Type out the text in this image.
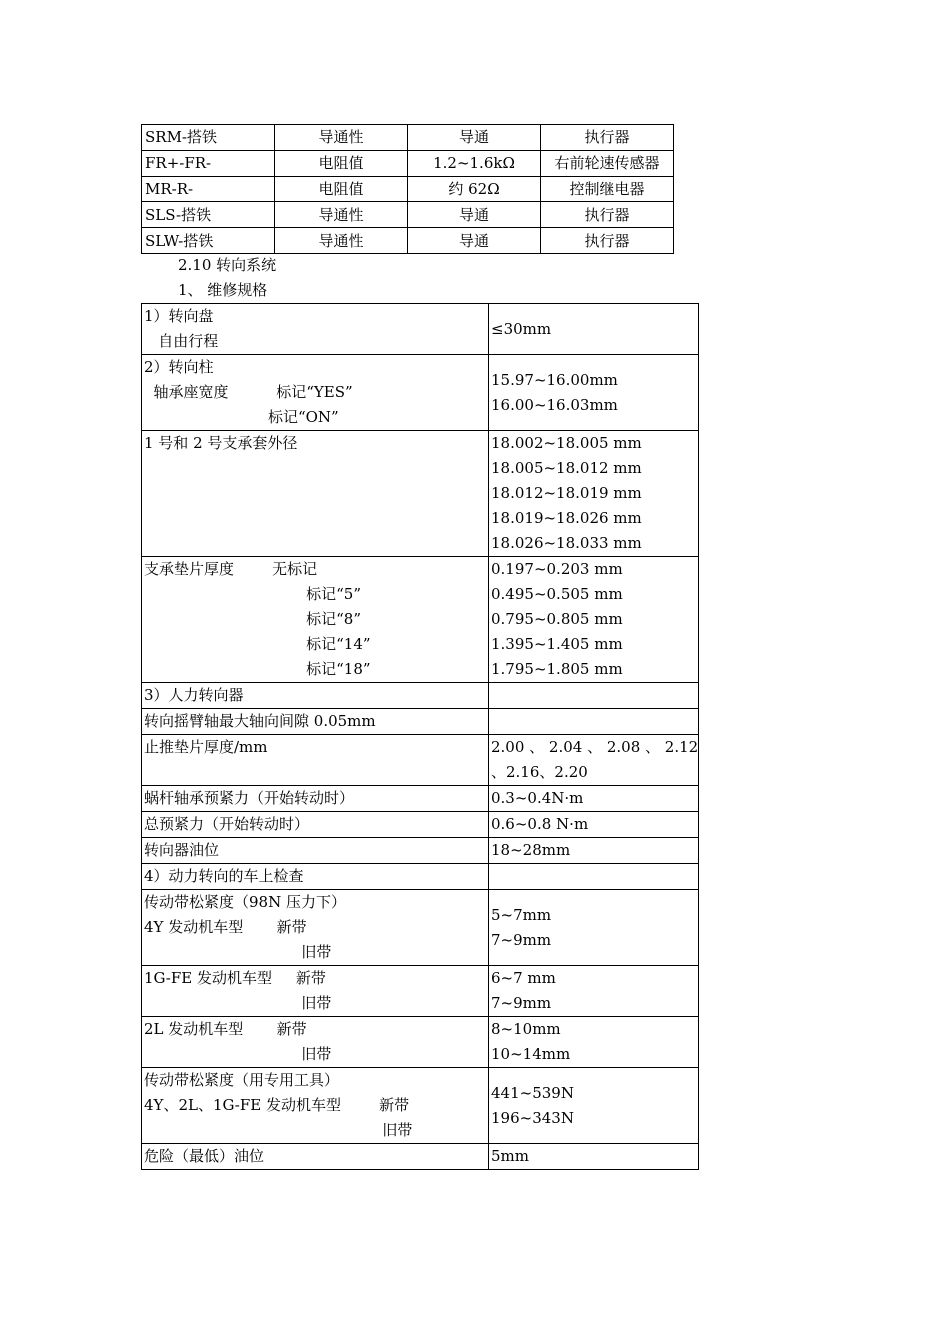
SRM-搭铁	导通性	导通	执行器
FR+-FR-	电阻值	1.2~1.6kΩ	右前轮速传感器
MR-R-	电阻值	约 62Ω	控制继电器
SLS-搭铁	导通性	导通	执行器
SLW-搭铁	导通性	导通	执行器
2.10 转向系统
1、 维修规格
1）转向盘
自由行程	≤30mm

2）转向柱
轴承座宽度          标记“YES”
标记“ON”	15.97~16.00mm
16.00~16.03mm

1 号和 2 号支承套外径	18.002~18.005 mm
18.005~18.012 mm
18.012~18.019 mm
18.019~18.026 mm
18.026~18.033 mm

支承垫片厚度        无标记
标记“5”
标记“8”
标记“14”
标记“18”	0.197~0.203 mm
0.495~0.505 mm
0.795~0.805 mm
1.395~1.405 mm
1.795~1.805 mm

3）人力转向器	

转向摇臂轴最大轴向间隙 0.05mm	

止推垫片厚度/mm	2.00 、 2.04 、 2.08 、 2.12
、2.16、2.20

蜗杆轴承预紧力（开始转动时）	0.3~0.4N·m

总预紧力（开始转动时）	0.6~0.8 N·m

转向器油位	18~28mm

4）动力转向的车上检查	

传动带松紧度（98N 压力下）
4Y 发动机车型       新带
旧带	5~7mm
7~9mm

1G-FE 发动机车型     新带
旧带	6~7 mm
7~9mm

2L 发动机车型       新带
旧带	8~10mm
10~14mm

传动带松紧度（用专用工具）
4Y、2L、1G-FE 发动机车型        新带
旧带	441~539N
196~343N

危险（最低）油位	5mm
